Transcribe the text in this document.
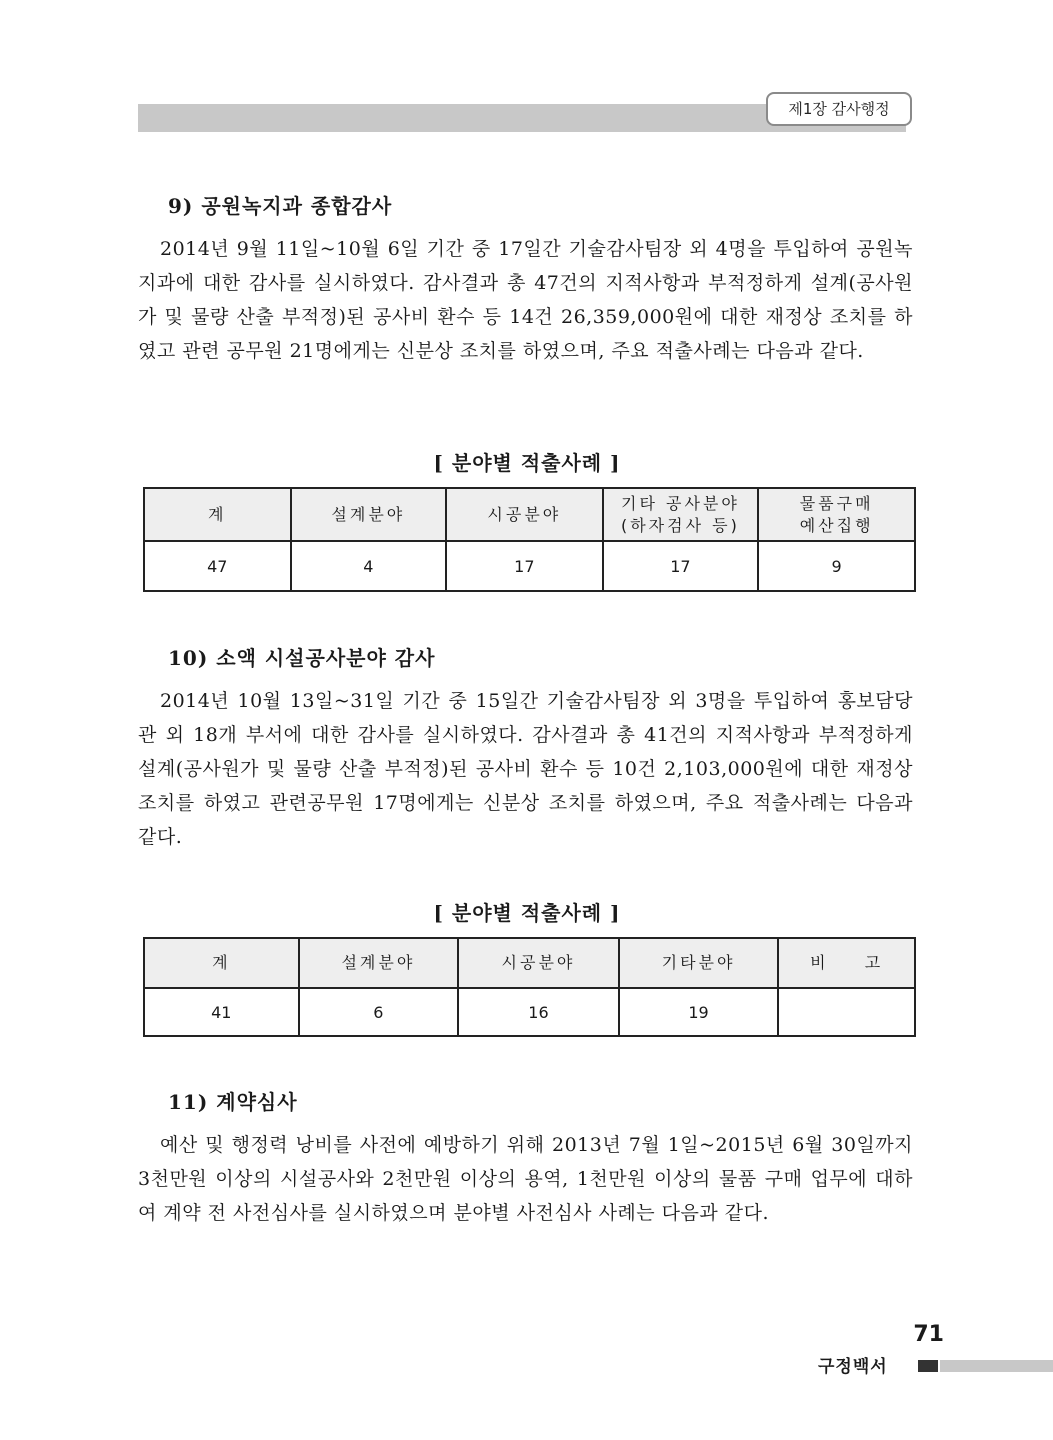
제1장 감사행정
9) 공원녹지과 종합감사

2014년 9월 11일~10월 6일 기간 중 17일간 기술감사팀장 외 4명을 투입하여 공원녹지과에 대한 감사를 실시하였다. 감사결과 총 47건의 지적사항과 부적정하게 설계(공사원가 및 물량 산출 부적정)된 공사비 환수 등 14건 26,359,000원에 대한 재정상 조치를 하였고 관련 공무원 21명에게는 신분상 조치를 하였으며, 주요 적출사례는 다음과 같다.

[ 분야별 적출사례 ]
계	설계분야	시공분야	기타 공사분야 (하자검사 등)	물품구매 예산집행
47	4	17	17	9
10) 소액 시설공사분야 감사

2014년 10월 13일~31일 기간 중 15일간 기술감사팀장 외 3명을 투입하여 홍보담당관 외 18개 부서에 대한 감사를 실시하였다. 감사결과 총 41건의 지적사항과 부적정하게 설계(공사원가 및 물량 산출 부적정)된 공사비 환수 등 10건 2,103,000원에 대한 재정상조치를 하였고 관련공무원 17명에게는 신분상 조치를 하였으며, 주요 적출사례는 다음과 같다.

[ 분야별 적출사례 ]
계	설계분야	시공분야	기타분야	비 고
41	6	16	19	
11) 계약심사

예산 및 행정력 낭비를 사전에 예방하기 위해 2013년 7월 1일~2015년 6월 30일까지 3천만원 이상의 시설공사와 2천만원 이상의 용역, 1천만원 이상의 물품 구매 업무에 대하여 계약 전 사전심사를 실시하였으며 분야별 사전심사 사례는 다음과 같다.

71
구정백서
